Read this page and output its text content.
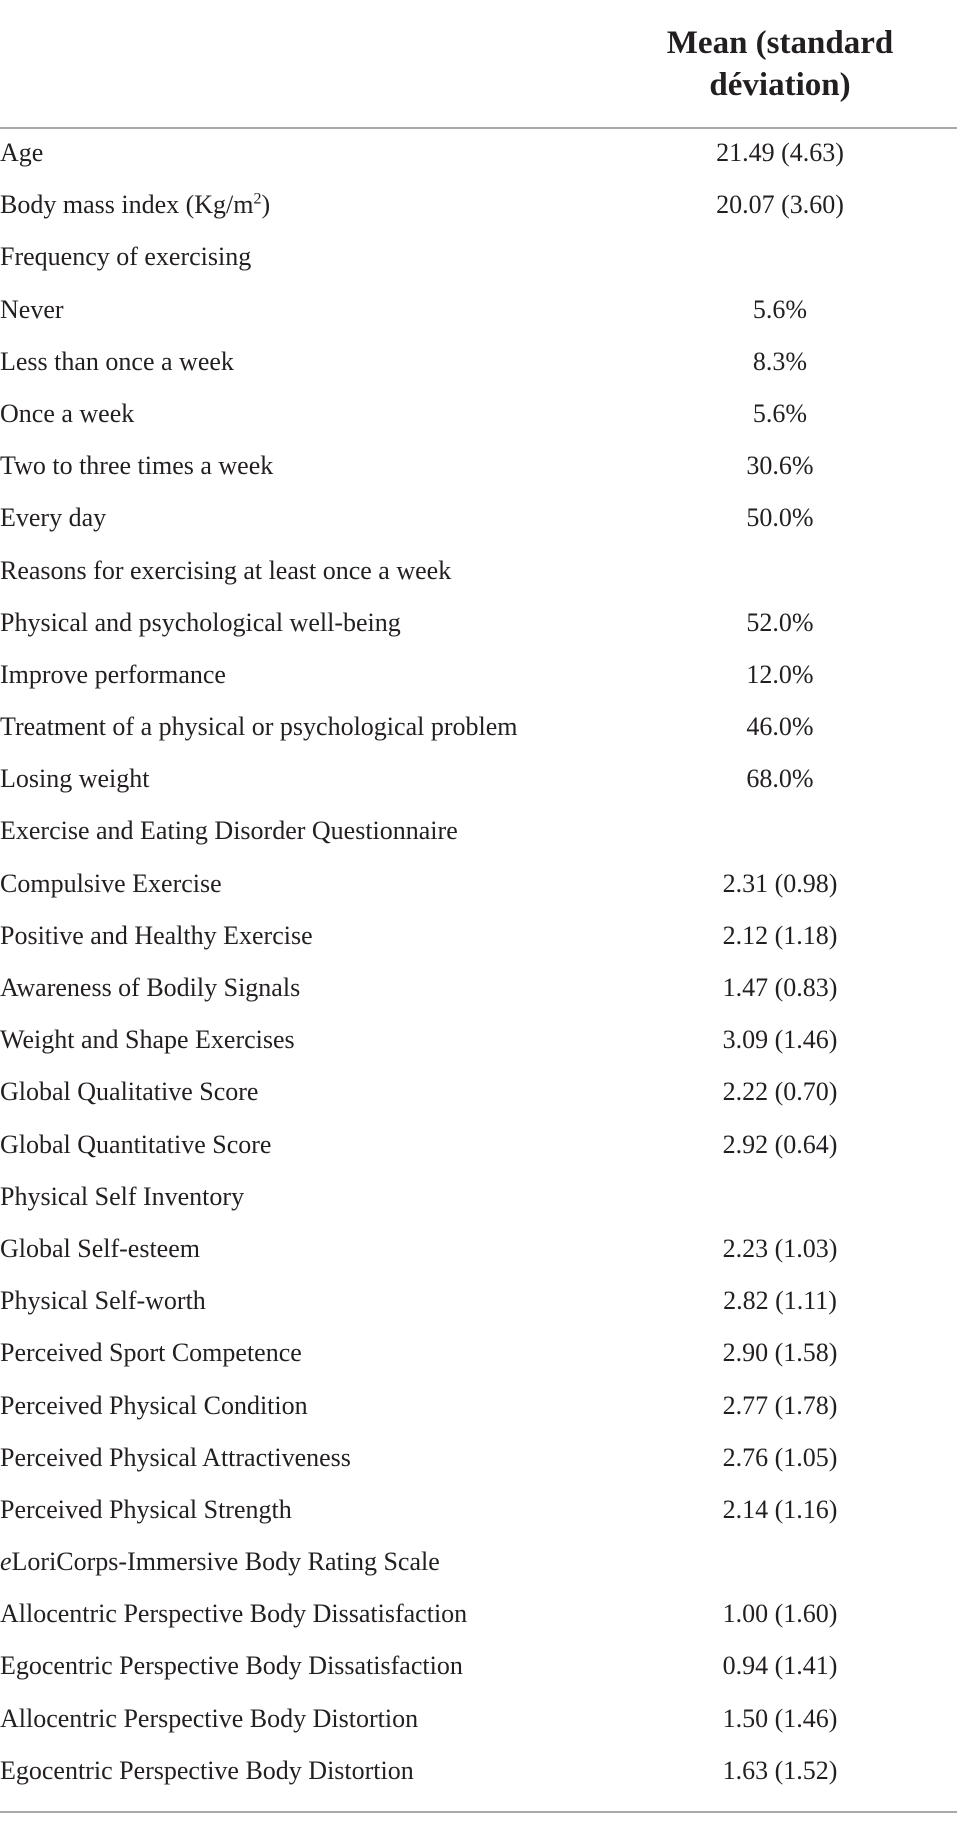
Mean (standard
déviation)
Age	21.49 (4.63)
Body mass index $(Kg/m^2)$	20.07 (3.60)
Frequency of exercising
Never	5.6%
Less than once a week	8.3%
Once a week	5.6%
Two to three times a week	30.6%
Every day	50.0%
Reasons for exercising at least once a week
Physical and psychological well-being	52.0%
Improve performance	12.0%
Treatment of a physical or psychological problem	46.0%
Losing weight	68.0%
Exercise and Eating Disorder Questionnaire
Compulsive Exercise	2.31 (0.98)
Positive and Healthy Exercise	2.12 (1.18)
Awareness of Bodily Signals	1.47 (0.83)
Weight and Shape Exercises	3.09 (1.46)
Global Qualitative Score	2.22 (0.70)
Global Quantitative Score	2.92 (0.64)
Physical Self Inventory
Global Self-esteem	2.23 (1.03)
Physical Self-worth	2.82 (1.11)
Perceived Sport Competence	2.90 (1.58)
Perceived Physical Condition	2.77 (1.78)
Perceived Physical Attractiveness	2.76 (1.05)
Perceived Physical Strength	2.14 (1.16)
eLoriCorps-Immersive Body Rating Scale
Allocentric Perspective Body Dissatisfaction	1.00 (1.60)
Egocentric Perspective Body Dissatisfaction	0.94 (1.41)
Allocentric Perspective Body Distortion	1.50 (1.46)
Egocentric Perspective Body Distortion	1.63 (1.52)
